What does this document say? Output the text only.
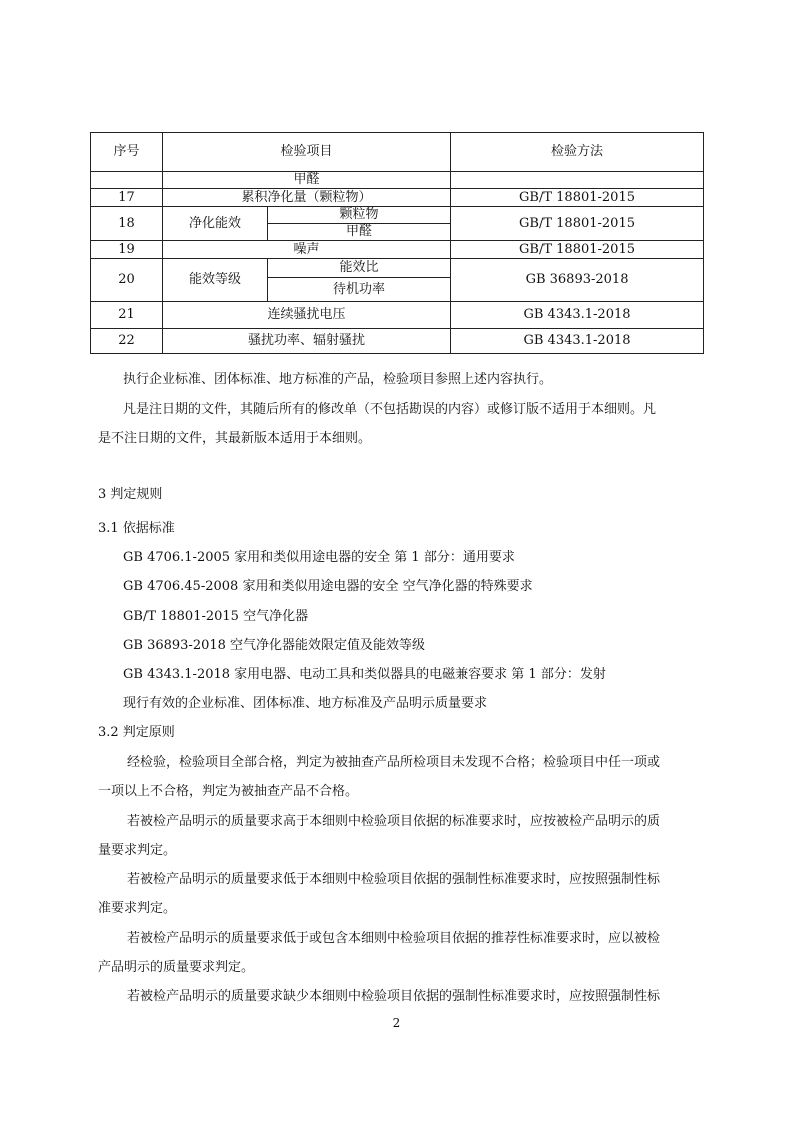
序号	检验项目		检验方法
	甲醛		
17	累积净化量（颗粒物）		GB/T 18801-2015
18	净化能效	颗粒物	GB/T 18801-2015
		甲醛	
19	噪声		GB/T 18801-2015
20	能效等级	能效比	GB 36893-2018
		待机功率	
21	连续骚扰电压		GB 4343.1-2018
22	骚扰功率、辐射骚扰		GB 4343.1-2018
执行企业标准、团体标准、地方标准的产品，检验项目参照上述内容执行。
凡是注日期的文件，其随后所有的修改单（不包括勘误的内容）或修订版不适用于本细则。凡
是不注日期的文件，其最新版本适用于本细则。
3 判定规则
3.1 依据标准
GB 4706.1-2005 家用和类似用途电器的安全 第 1 部分：通用要求
GB 4706.45-2008 家用和类似用途电器的安全 空气净化器的特殊要求
GB/T 18801-2015 空气净化器
GB 36893-2018 空气净化器能效限定值及能效等级
GB 4343.1-2018 家用电器、电动工具和类似器具的电磁兼容要求 第 1 部分：发射
现行有效的企业标准、团体标准、地方标准及产品明示质量要求
3.2 判定原则
经检验，检验项目全部合格，判定为被抽查产品所检项目未发现不合格；检验项目中任一项或
一项以上不合格，判定为被抽查产品不合格。
若被检产品明示的质量要求高于本细则中检验项目依据的标准要求时，应按被检产品明示的质
量要求判定。
若被检产品明示的质量要求低于本细则中检验项目依据的强制性标准要求时，应按照强制性标
准要求判定。
若被检产品明示的质量要求低于或包含本细则中检验项目依据的推荐性标准要求时，应以被检
产品明示的质量要求判定。
若被检产品明示的质量要求缺少本细则中检验项目依据的强制性标准要求时，应按照强制性标
2
